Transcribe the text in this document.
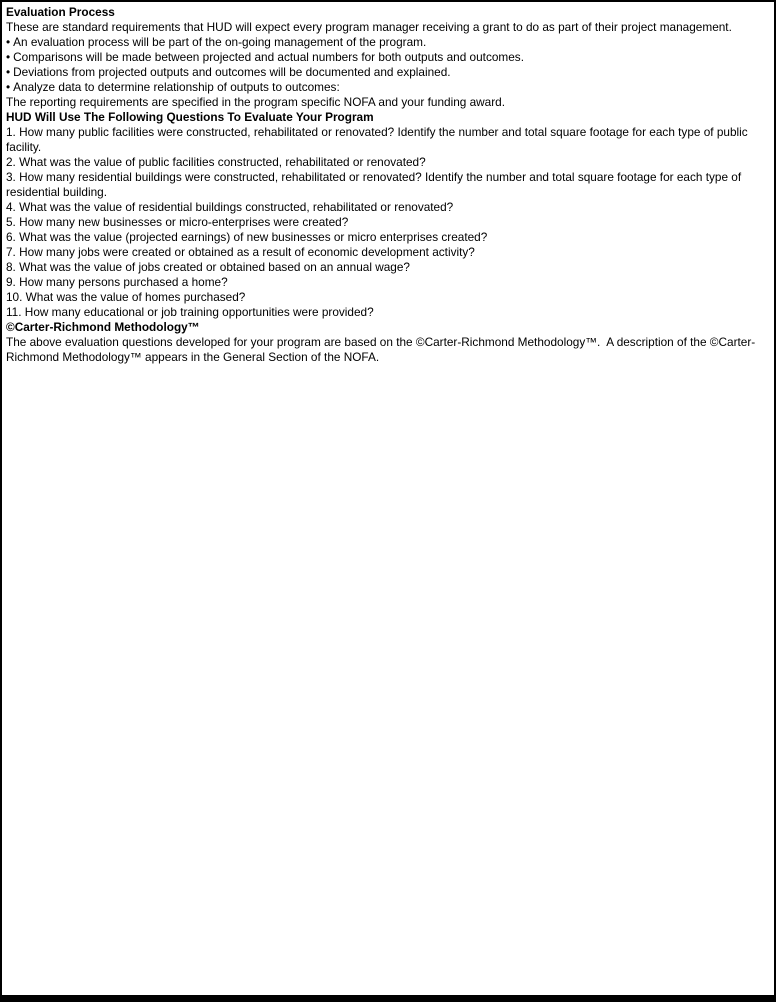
Evaluation Process

These are standard requirements that HUD will expect every program manager receiving a grant to do as part of their project management.

• An evaluation process will be part of the on-going management of the program.
• Comparisons will be made between projected and actual numbers for both outputs and outcomes.
• Deviations from projected outputs and outcomes will be documented and explained.
• Analyze data to determine relationship of outputs to outcomes:

The reporting requirements are specified in the program specific NOFA and your funding award.

HUD Will Use The Following Questions To Evaluate Your Program
1. How many public facilities were constructed, rehabilitated or renovated? Identify the number and total square footage for each type of public facility.
2. What was the value of public facilities constructed, rehabilitated or renovated?
3. How many residential buildings were constructed, rehabilitated or renovated? Identify the number and total square footage for each type of residential building.
4. What was the value of residential buildings constructed, rehabilitated or renovated?
5. How many new businesses or micro-enterprises were created?
6. What was the value (projected earnings) of new businesses or micro enterprises created?
7. How many jobs were created or obtained as a result of economic development activity?
8. What was the value of jobs created or obtained based on an annual wage?
9. How many persons purchased a home?
10. What was the value of homes purchased?
11. How many educational or job training opportunities were provided?
©Carter-Richmond Methodology™

The above evaluation questions developed for your program are based on the ©Carter-Richmond Methodology™.  A description of the ©Carter-Richmond Methodology™ appears in the General Section of the NOFA.
